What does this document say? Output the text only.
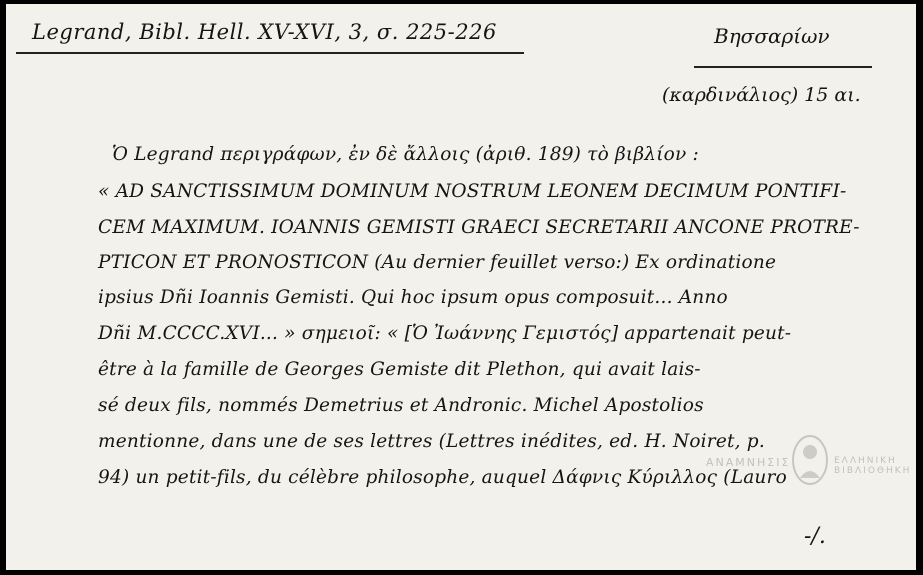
Legrand, Bibl. Hell. XV-XVI, 3, σ. 225-226	Βησσαρίων
(καρδινάλιος) 15 αι.
Ὁ Legrand περιγράφων, ἐν δὲ ἄλλοις (ἀριθ. 189) τὸ βιβλίον :
« AD SANCTISSIMUM DOMINUM NOSTRUM LEONEM DECIMUM PONTIFI-
CEM MAXIMUM. IOANNIS GEMISTI GRAECI SECRETARII ANCONE PROTRE-
PTICON ET PRONOSTICON (Au dernier feuillet verso:) Ex ordinatione
ipsius Dñi Ioannis Gemisti. Qui hoc ipsum opus composuit... Anno
Dñi M.CCCC.XVI... » σημειοῖ: « [Ὁ Ἰωάννης Γεμιστός] appartenait peut-
être à la famille de Georges Gemiste dit Plethon, qui avait lais-
sé deux fils, nommés Demetrius et Andronic. Michel Apostolios
mentionne, dans une de ses lettres (Lettres inédites, ed. H. Noiret, p.
94) un petit-fils, du célèbre philosophe, auquel Δάφνις Κύριλλος (Lauro
-/.
ΑΝΑΜΝΗΣΙΣ	ΕΛΛΗΝΙΚΗ ΒΙΒΛΙΟΘΗΚΗ
